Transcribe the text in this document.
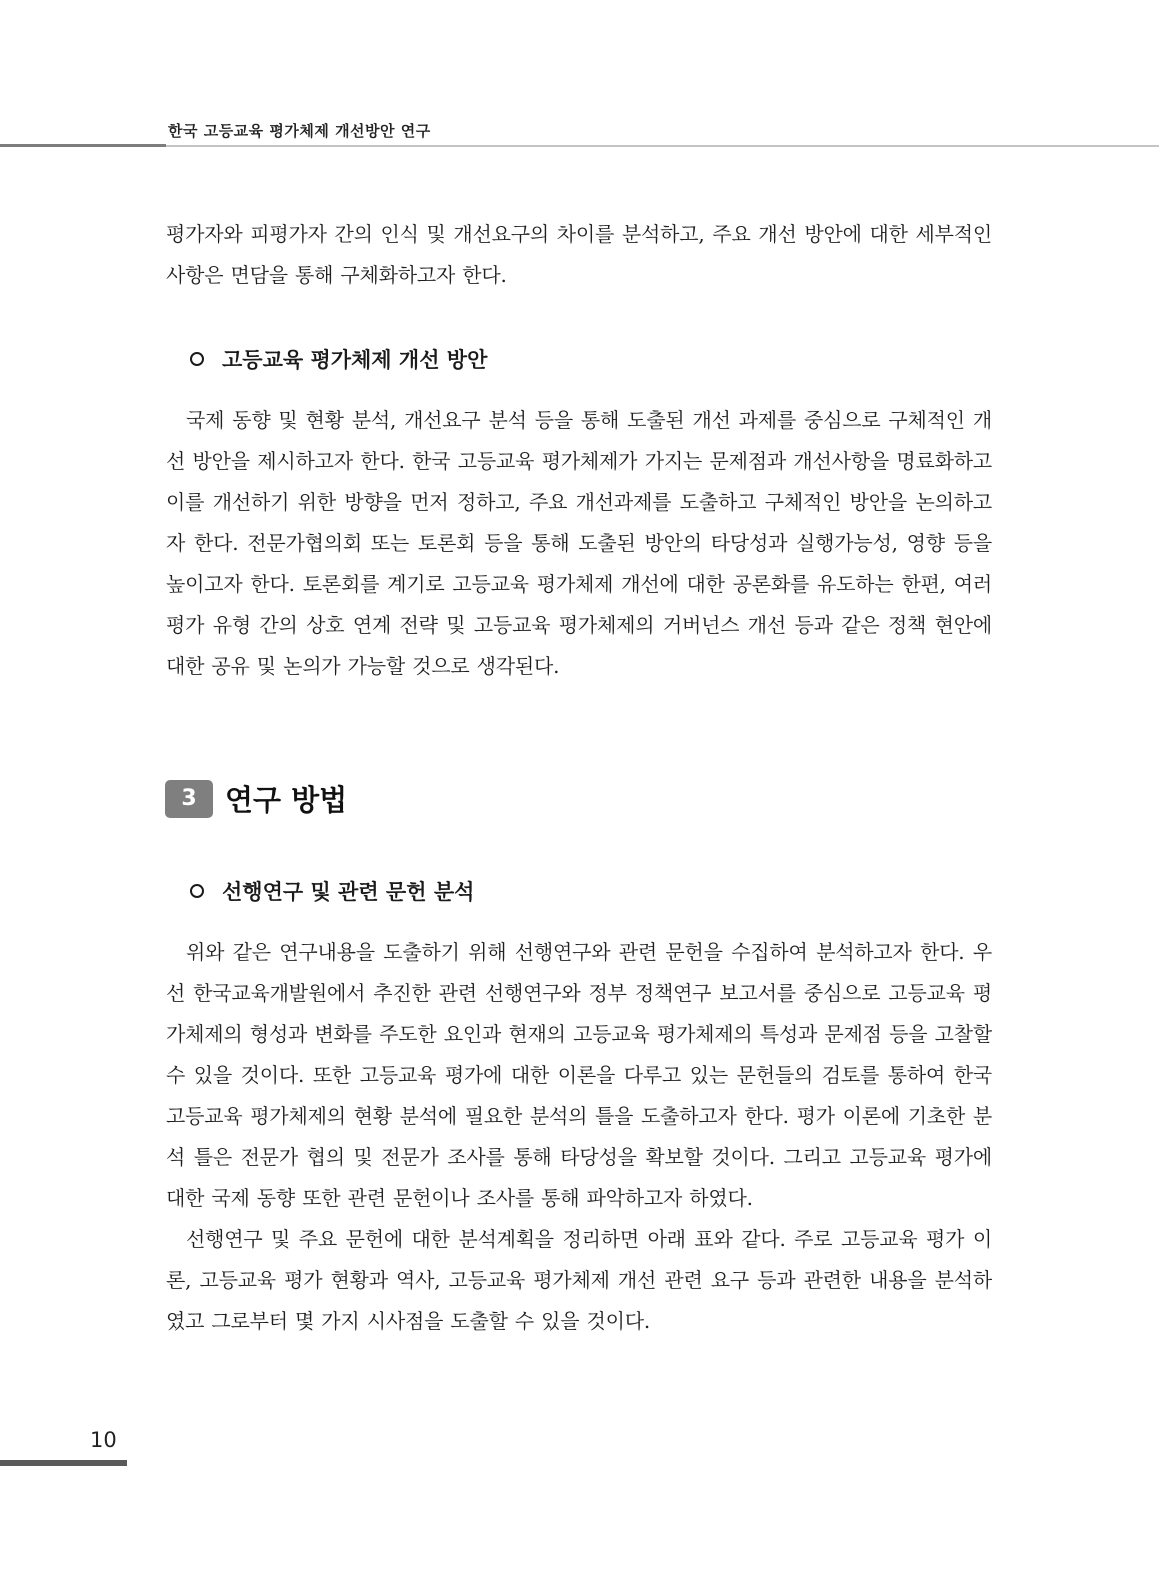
한국 고등교육 평가체제 개선방안 연구

평가자와 피평가자 간의 인식 및 개선요구의 차이를 분석하고, 주요 개선 방안에 대한 세부적인 사항은 면담을 통해 구체화하고자 한다.

고등교육 평가체제 개선 방안

국제 동향 및 현황 분석, 개선요구 분석 등을 통해 도출된 개선 과제를 중심으로 구체적인 개선 방안을 제시하고자 한다. 한국 고등교육 평가체제가 가지는 문제점과 개선사항을 명료화하고 이를 개선하기 위한 방향을 먼저 정하고, 주요 개선과제를 도출하고 구체적인 방안을 논의하고자 한다. 전문가협의회 또는 토론회 등을 통해 도출된 방안의 타당성과 실행가능성, 영향 등을 높이고자 한다. 토론회를 계기로 고등교육 평가체제 개선에 대한 공론화를 유도하는 한편, 여러 평가 유형 간의 상호 연계 전략 및 고등교육 평가체제의 거버넌스 개선 등과 같은 정책 현안에 대한 공유 및 논의가 가능할 것으로 생각된다.

3 연구 방법
선행연구 및 관련 문헌 분석

위와 같은 연구내용을 도출하기 위해 선행연구와 관련 문헌을 수집하여 분석하고자 한다. 우선 한국교육개발원에서 추진한 관련 선행연구와 정부 정책연구 보고서를 중심으로 고등교육 평가체제의 형성과 변화를 주도한 요인과 현재의 고등교육 평가체제의 특성과 문제점 등을 고찰할 수 있을 것이다. 또한 고등교육 평가에 대한 이론을 다루고 있는 문헌들의 검토를 통하여 한국 고등교육 평가체제의 현황 분석에 필요한 분석의 틀을 도출하고자 한다. 평가 이론에 기초한 분석 틀은 전문가 협의 및 전문가 조사를 통해 타당성을 확보할 것이다. 그리고 고등교육 평가에 대한 국제 동향 또한 관련 문헌이나 조사를 통해 파악하고자 하였다.

선행연구 및 주요 문헌에 대한 분석계획을 정리하면 아래 표와 같다. 주로 고등교육 평가 이론, 고등교육 평가 현황과 역사, 고등교육 평가체제 개선 관련 요구 등과 관련한 내용을 분석하였고 그로부터 몇 가지 시사점을 도출할 수 있을 것이다.

10
